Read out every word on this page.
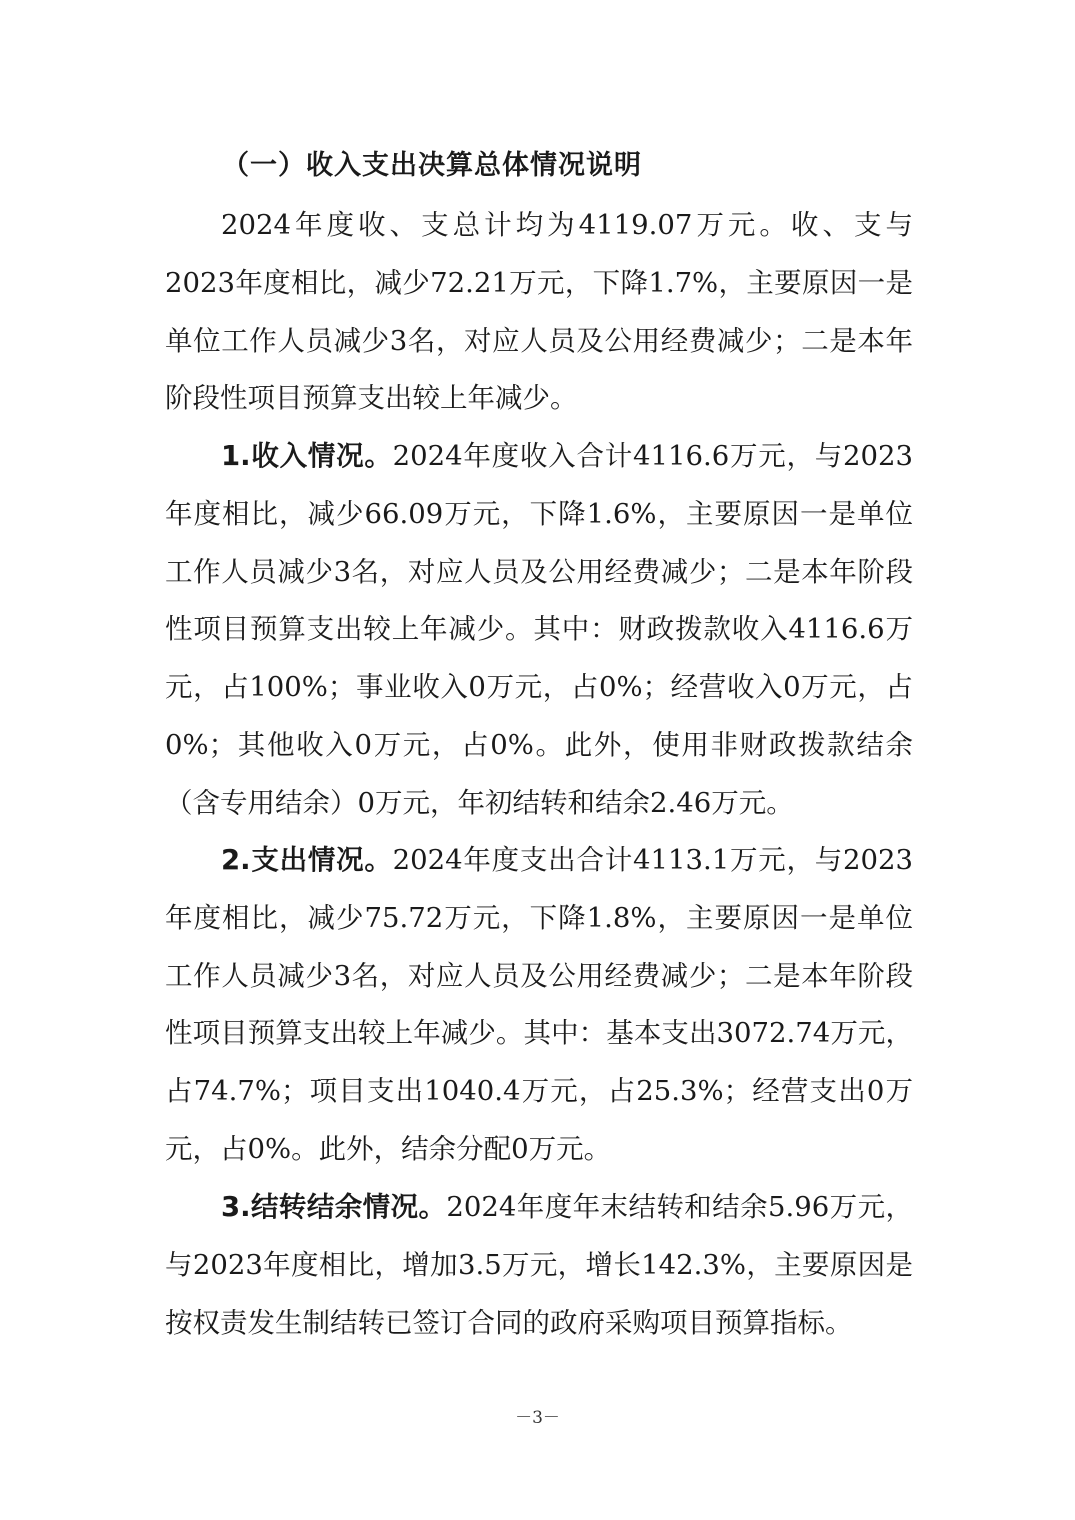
（一）收入支出决算总体情况说明

2024年度收、支总计均为4119.07万元。收、支与2023年度相比，减少72.21万元，下降1.7%，主要原因一是单位工作人员减少3名，对应人员及公用经费减少；二是本年阶段性项目预算支出较上年减少。

1.收入情况。2024年度收入合计4116.6万元，与2023年度相比，减少66.09万元，下降1.6%，主要原因一是单位工作人员减少3名，对应人员及公用经费减少；二是本年阶段性项目预算支出较上年减少。其中：财政拨款收入4116.6万元，占100%；事业收入0万元，占0%；经营收入0万元，占0%；其他收入0万元，占0%。此外，使用非财政拨款结余（含专用结余）0万元，年初结转和结余2.46万元。

2.支出情况。2024年度支出合计4113.1万元，与2023年度相比，减少75.72万元，下降1.8%，主要原因一是单位工作人员减少3名，对应人员及公用经费减少；二是本年阶段性项目预算支出较上年减少。其中：基本支出3072.74万元，占74.7%；项目支出1040.4万元，占25.3%；经营支出0万元，占0%。此外，结余分配0万元。

3.结转结余情况。2024年度年末结转和结余5.96万元，与2023年度相比，增加3.5万元，增长142.3%，主要原因是按权责发生制结转已签订合同的政府采购项目预算指标。

－3－
